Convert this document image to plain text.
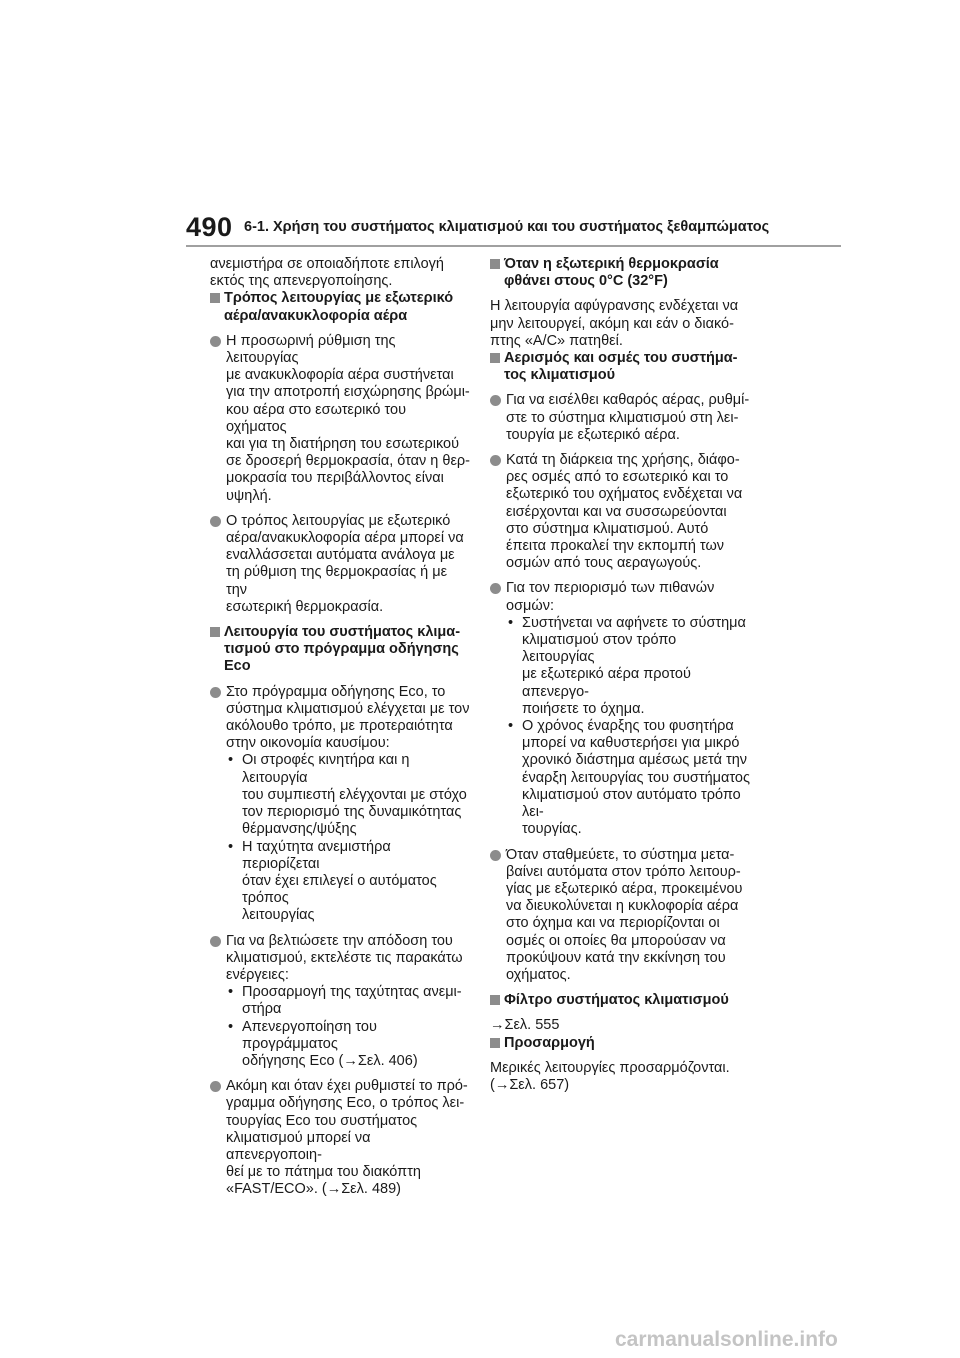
490 6-1. Χρήση του συστήματος κλιματισμού και του συστήματος ξεθαμπώματος

ανεμιστήρα σε οποιαδήποτε επιλογή
εκτός της απενεργοποίησης.

Τρόπος λειτουργίας με εξωτερικό
αέρα/ανακυκλοφορία αέρα
Η προσωρινή ρύθμιση της λειτουργίας
με ανακυκλοφορία αέρα συστήνεται
για την αποτροπή εισχώρησης βρώμι-
κου αέρα στο εσωτερικό του οχήματος
και για τη διατήρηση του εσωτερικού
σε δροσερή θερμοκρασία, όταν η θερ-
μοκρασία του περιβάλλοντος είναι
υψηλή.
Ο τρόπος λειτουργίας με εξωτερικό
αέρα/ανακυκλοφορία αέρα μπορεί να
εναλλάσσεται αυτόματα ανάλογα με
τη ρύθμιση της θερμοκρασίας ή με την
εσωτερική θερμοκρασία.
Λειτουργία του συστήματος κλιμα-
τισμού στο πρόγραμμα οδήγησης
Eco
Στο πρόγραμμα οδήγησης Eco, το
σύστημα κλιματισμού ελέγχεται με τον
ακόλουθο τρόπο, με προτεραιότητα
στην οικονομία καυσίμου:
• Οι στροφές κινητήρα και η λειτουργία
του συμπιεστή ελέγχονται με στόχο
τον περιορισμό της δυναμικότητας
θέρμανσης/ψύξης
• Η ταχύτητα ανεμιστήρα περιορίζεται
όταν έχει επιλεγεί ο αυτόματος τρόπος
λειτουργίας
Για να βελτιώσετε την απόδοση του
κλιματισμού, εκτελέστε τις παρακάτω
ενέργειες:
• Προσαρμογή της ταχύτητας ανεμι-
στήρα
• Απενεργοποίηση του προγράμματος
οδήγησης Eco (→Σελ. 406)
Ακόμη και όταν έχει ρυθμιστεί το πρό-
γραμμα οδήγησης Eco, ο τρόπος λει-
τουργίας Eco του συστήματος
κλιματισμού μπορεί να απενεργοποιη-
θεί με το πάτημα του διακόπτη
«FAST/ECO». (→Σελ. 489)
Όταν η εξωτερική θερμοκρασία
φθάνει στους 0°C (32°F)

Η λειτουργία αφύγρανσης ενδέχεται να
μην λειτουργεί, ακόμη και εάν ο διακό-
πτης «A/C» πατηθεί.

Αερισμός και οσμές του συστήμα-
τος κλιματισμού
Για να εισέλθει καθαρός αέρας, ρυθμί-
στε το σύστημα κλιματισμού στη λει-
τουργία με εξωτερικό αέρα.
Κατά τη διάρκεια της χρήσης, διάφο-
ρες οσμές από το εσωτερικό και το
εξωτερικό του οχήματος ενδέχεται να
εισέρχονται και να συσσωρεύονται
στο σύστημα κλιματισμού. Αυτό
έπειτα προκαλεί την εκπομπή των
οσμών από τους αεραγωγούς.
Για τον περιορισμό των πιθανών
οσμών:
• Συστήνεται να αφήνετε το σύστημα
κλιματισμού στον τρόπο λειτουργίας
με εξωτερικό αέρα προτού απενεργο-
ποιήσετε το όχημα.
• Ο χρόνος έναρξης του φυσητήρα
μπορεί να καθυστερήσει για μικρό
χρονικό διάστημα αμέσως μετά την
έναρξη λειτουργίας του συστήματος
κλιματισμού στον αυτόματο τρόπο λει-
τουργίας.
Όταν σταθμεύετε, το σύστημα μετα-
βαίνει αυτόματα στον τρόπο λειτουρ-
γίας με εξωτερικό αέρα, προκειμένου
να διευκολύνεται η κυκλοφορία αέρα
στο όχημα και να περιορίζονται οι
οσμές οι οποίες θα μπορούσαν να
προκύψουν κατά την εκκίνηση του
οχήματος.
Φίλτρο συστήματος κλιματισμού

→Σελ. 555

Προσαρμογή

Μερικές λειτουργίες προσαρμόζονται.
(→Σελ. 657)

carmanualsonline.info
